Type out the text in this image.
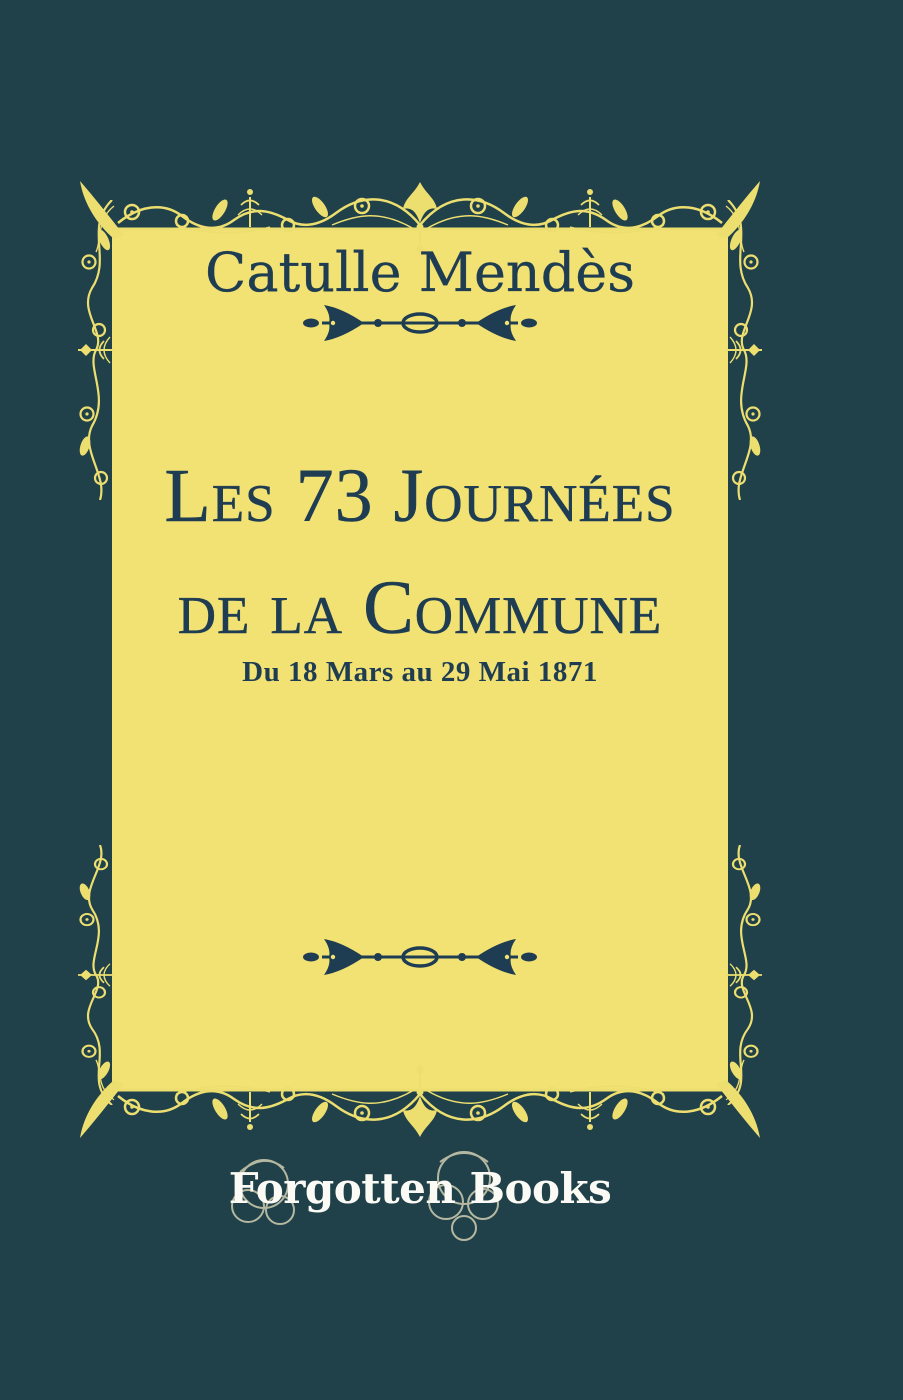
Catulle Mendès
Les 73 Journées
de la Commune
Du 18 Mars au 29 Mai 1871
Forgotten Books
